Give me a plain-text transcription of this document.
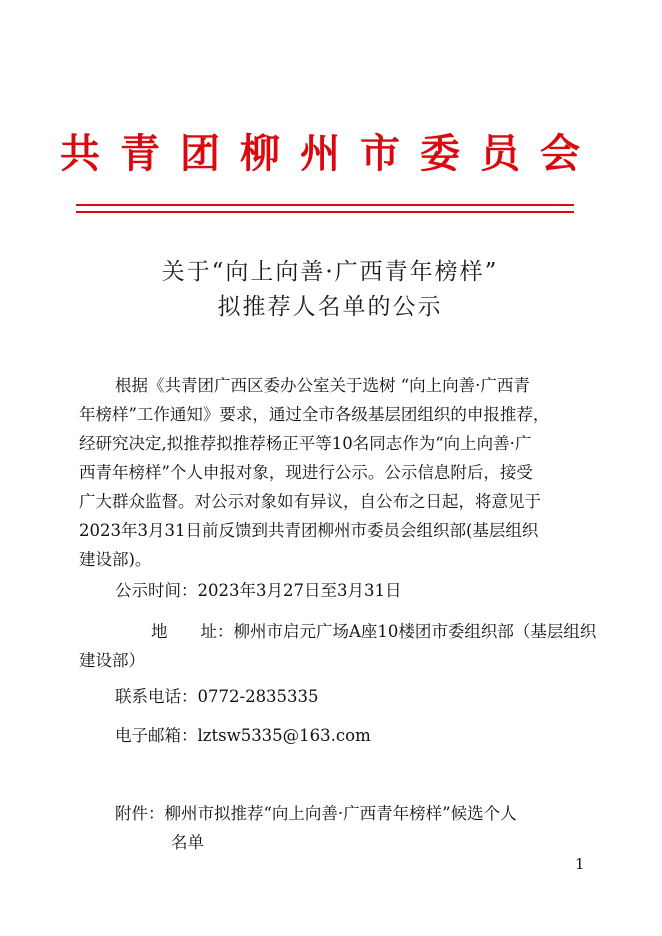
共青团柳州市委员会
关于“向上向善·广西青年榜样”
拟推荐人名单的公示

根据《共青团广西区委办公室关于选树 “向上向善·广西青

年榜样”工作通知》要求，通过全市各级基层团组织的申报推荐，

经研究决定,拟推荐拟推荐杨正平等10名同志作为“向上向善·广

西青年榜样”个人申报对象，现进行公示。公示信息附后，接受

广大群众监督。对公示对象如有异议，自公布之日起，将意见于

2023年3月31日前反馈到共青团柳州市委员会组织部(基层组织

建设部)。

公示时间：2023年3月27日至3月31日

地　　址：柳州市启元广场A座10楼团市委组织部（基层组织

建设部）

联系电话：0772-2835335

电子邮箱：lztsw5335@163.com

附件：柳州市拟推荐“向上向善·广西青年榜样”候选个人

名单

1
